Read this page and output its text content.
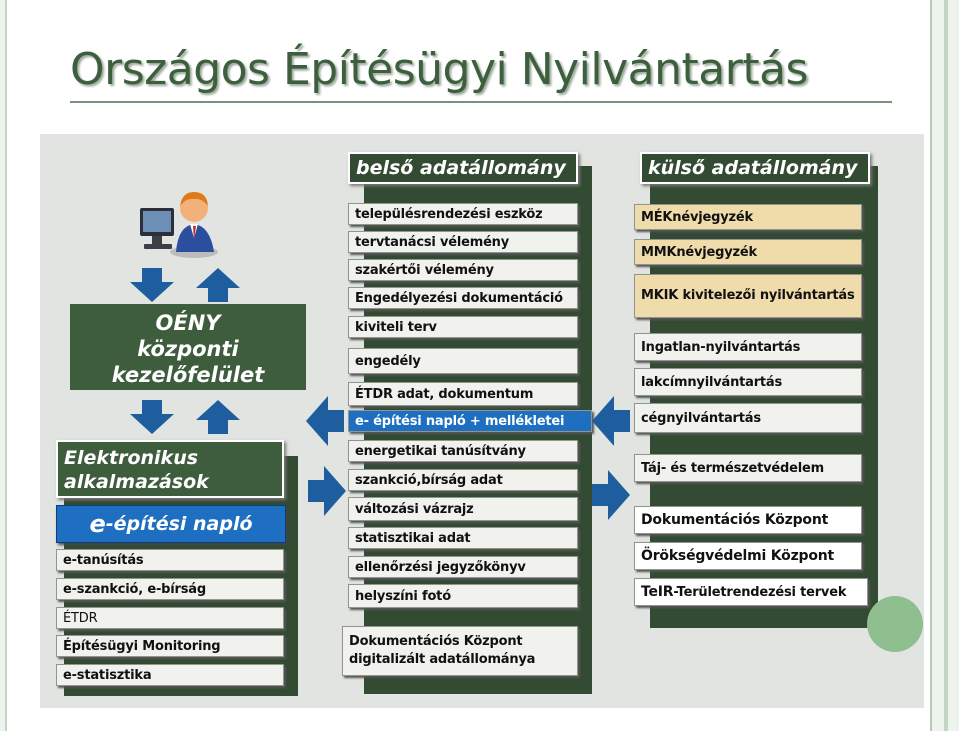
Országos Építésügyi Nyilvántartás
OÉNY
központi
kezelőfelület
Elektronikus
alkalmazások
e -építési napló
e-tanúsítás
e-szankció, e-bírság
ÉTDR
Építésügyi Monitoring
e-statisztika
belső adatállomány
településrendezési eszköz
tervtanácsi vélemény
szakértői vélemény
Engedélyezési dokumentáció
kiviteli terv
engedély
ÉTDR adat, dokumentum
e- építési napló + mellékletei
energetikai tanúsítvány
szankció,bírság adat
változási vázrajz
statisztikai adat
ellenőrzési jegyzőkönyv
helyszíni fotó
Dokumentációs Központ
digitalizált adatállománya
külső adatállomány
MÉKnévjegyzék
MMKnévjegyzék
MKIK kivitelezői nyilvántartás
Ingatlan-nyilvántartás
lakcímnyilvántartás
cégnyilvántartás
Táj- és természetvédelem
Dokumentációs Központ
Örökségvédelmi Központ
TeIR -Területrendezési tervek
